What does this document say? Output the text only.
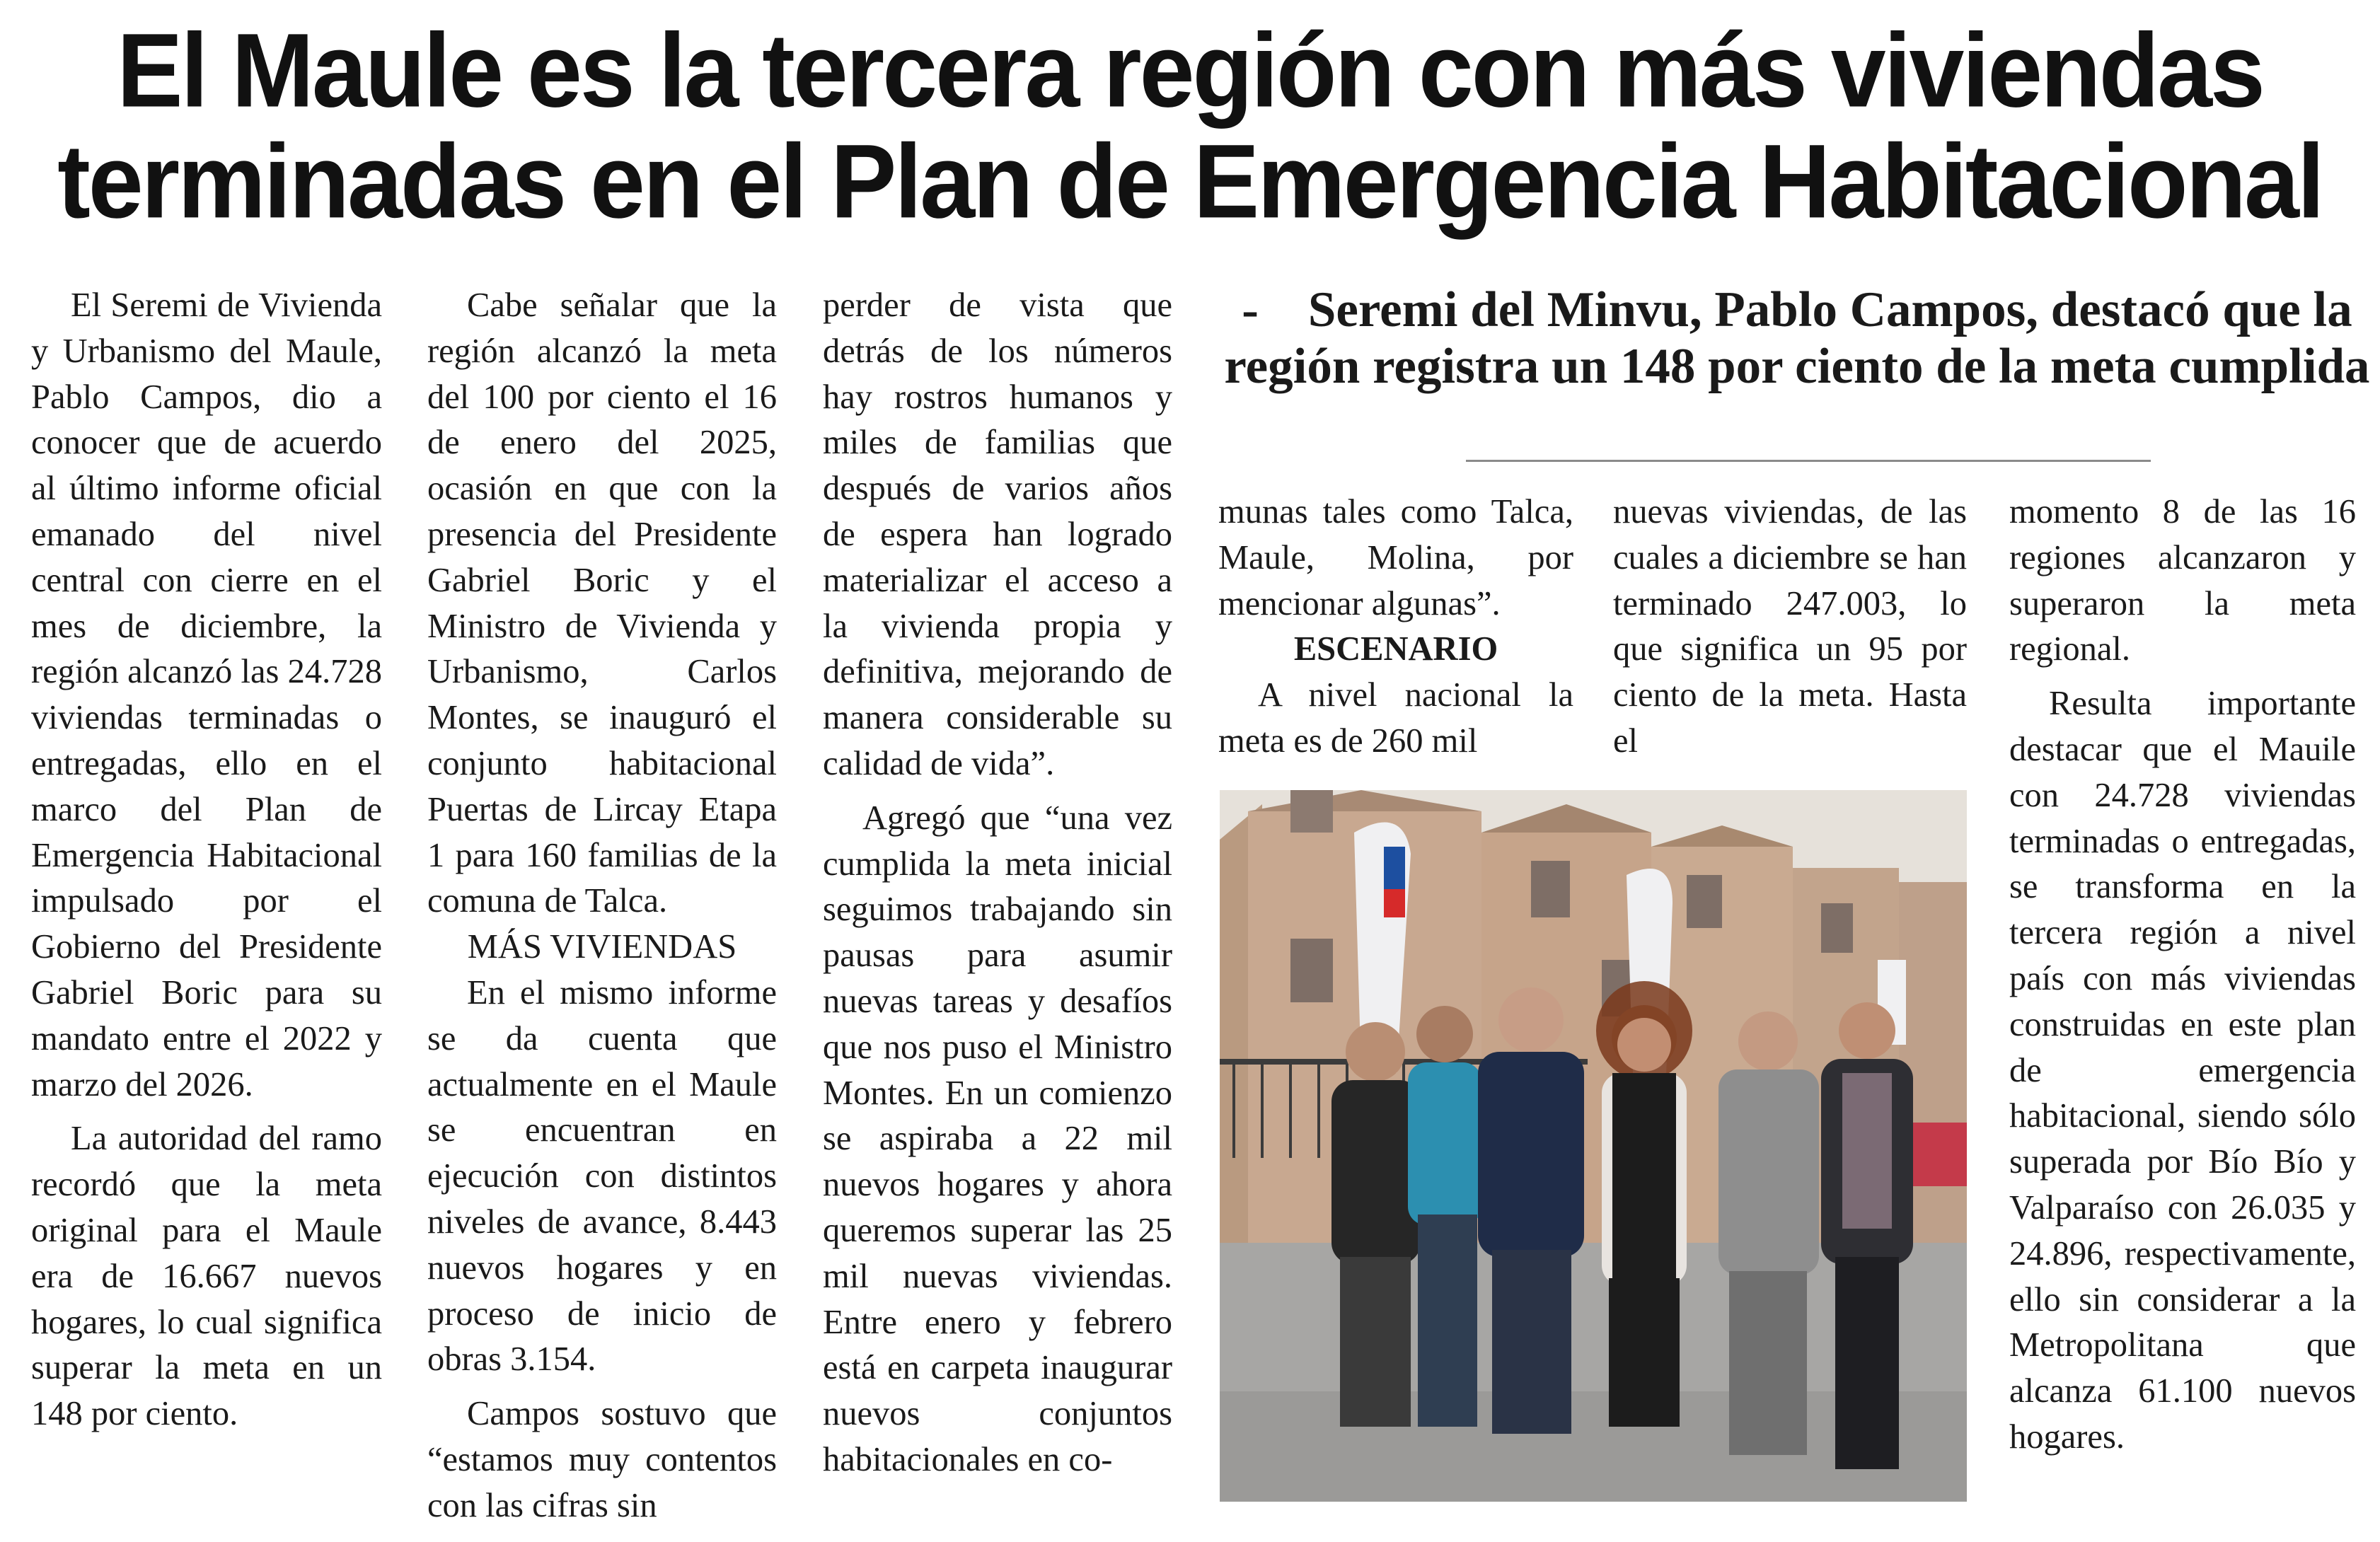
El Maule es la tercera región con más viviendas
terminadas en el Plan de Emergencia Habitacional

El Seremi de Vivienda y Urbanismo del Maule, Pablo Campos, dio a conocer que de acuerdo al último informe oficial emanado del nivel central con cierre en el mes de diciembre, la región alcanzó las 24.728 viviendas terminadas o entregadas, ello en el marco del Plan de Emergencia Habitacional impulsado por el Gobierno del Presidente Gabriel Boric para su mandato entre el 2022 y marzo del 2026.

La autoridad del ramo recordó que la meta original para el Maule era de 16.667 nuevos hogares, lo cual significa superar la meta en un 148 por ciento.

Cabe señalar que la región alcanzó la meta del 100 por ciento el 16 de enero del 2025, ocasión en que con la presencia del Presidente Gabriel Boric y el Ministro de Vivienda y Urbanismo, Carlos Montes, se inauguró el conjunto habitacional Puertas de Lircay Etapa 1 para 160 familias de la comuna de Talca.

MÁS VIVIENDAS

En el mismo informe se da cuenta que actualmente en el Maule se encuentran en ejecución con distintos niveles de avance, 8.443 nuevos hogares y en proceso de inicio de obras 3.154.

Campos sostuvo que “estamos muy contentos con las cifras sin

perder de vista que detrás de los números hay rostros humanos y miles de familias que después de varios años de espera han logrado materializar el acceso a la vivienda propia y definitiva, mejorando de manera considerable su calidad de vida”.

Agregó que “una vez cumplida la meta inicial seguimos trabajando sin pausas para asumir nuevas tareas y desafíos que nos puso el Ministro Montes. En un comienzo se aspiraba a 22 mil nuevos hogares y ahora queremos superar las 25 mil nuevas viviendas. Entre enero y febrero está en carpeta inaugurar nuevos conjuntos habitacionales en co-

- Seremi del Minvu, Pablo Campos, destacó que la región registra un 148 por ciento de la meta cumplida

munas tales como Talca, Maule, Molina, por mencionar algunas”.

ESCENARIO

A nivel nacional la meta es de 260 mil

nuevas viviendas, de las cuales a diciembre se han terminado 247.003, lo que significa un 95 por ciento de la meta. Hasta el

momento 8 de las 16 regiones alcanzaron y superaron la meta regional.

Resulta importante destacar que el Mauile con 24.728 viviendas terminadas o entregadas, se transforma en la tercera región a nivel país con más viviendas construidas en este plan de emergencia habitacional, siendo sólo superada por Bío Bío y Valparaíso con 26.035 y 24.896, respectivamente, ello sin considerar a la Metropolitana que alcanza 61.100 nuevos hogares.
